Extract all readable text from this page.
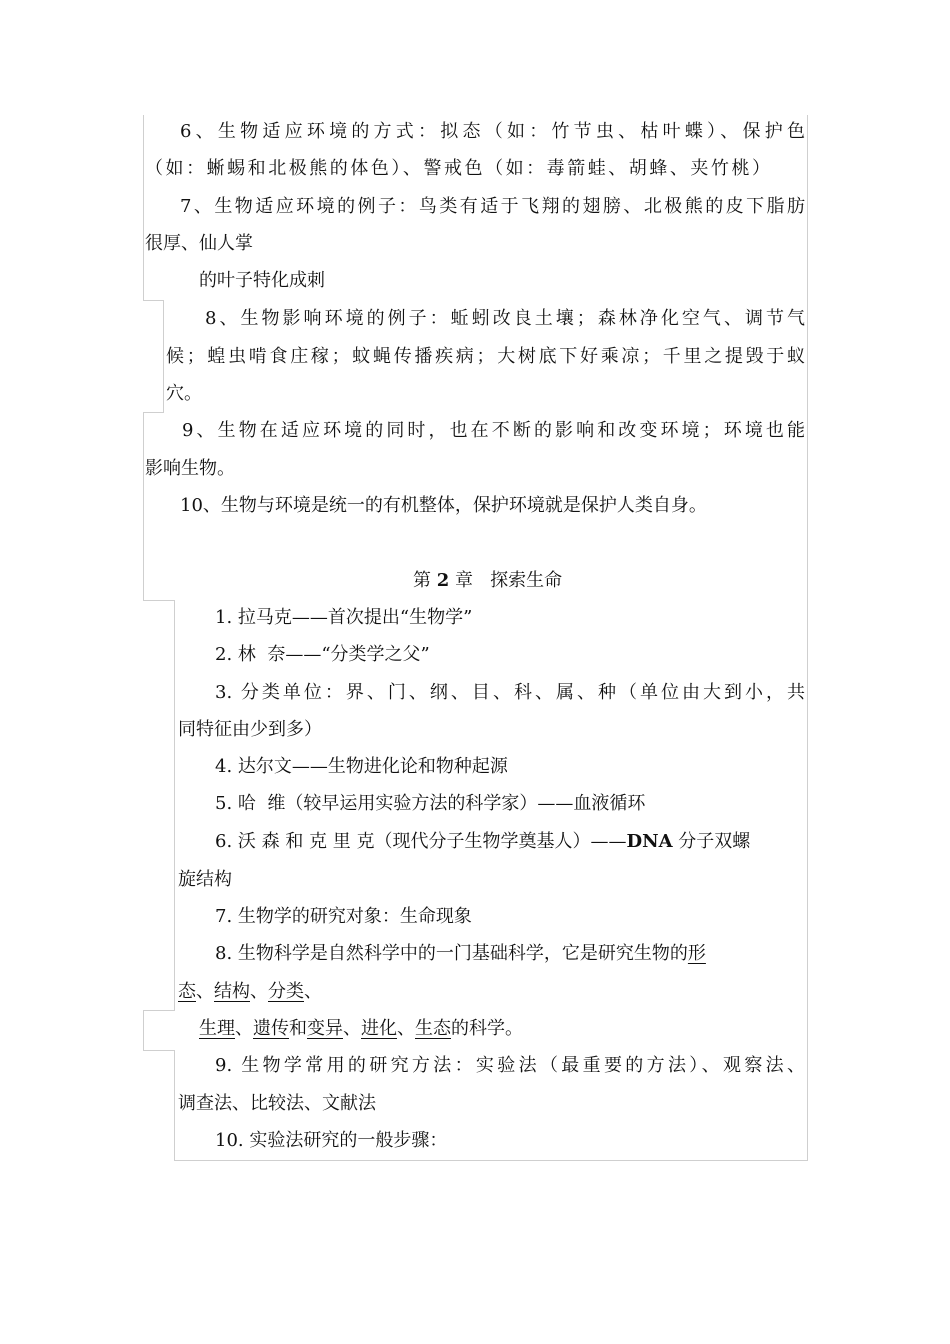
6、生物适应环境的方式：拟态（如：竹节虫、枯叶蝶）、保护色
（如：蜥蜴和北极熊的体色）、警戒色（如：毒箭蛙、胡蜂、夹竹桃）
7、生物适应环境的例子：鸟类有适于飞翔的翅膀、北极熊的皮下脂肪
很厚、仙人掌
的叶子特化成刺
8、生物影响环境的例子：蚯蚓改良土壤；森林净化空气、调节气
候；蝗虫啃食庄稼；蚊蝇传播疾病；大树底下好乘凉；千里之提毁于蚁
穴。
9、生物在适应环境的同时，也在不断的影响和改变环境；环境也能
影响生物。
10、生物与环境是统一的有机整体，保护环境就是保护人类自身。
第 2 章   探索生命
1. 拉马克——首次提出“生物学”
2. 林  奈——“分类学之父”
3. 分类单位：界、门、纲、目、科、属、种（单位由大到小，共
同特征由少到多）
4. 达尔文——生物进化论和物种起源
5. 哈  维（较早运用实验方法的科学家）——血液循环
6. 沃 森 和 克 里 克（现代分子生物学奠基人）——DNA 分子双螺
旋结构
7. 生物学的研究对象：生命现象
8. 生物科学是自然科学中的一门基础科学，它是研究生物的形
态、结构、分类、
生理、遗传和变异、进化、生态的科学。
9. 生物学常用的研究方法：实验法（最重要的方法）、观察法、
调查法、比较法、文献法
10. 实验法研究的一般步骤：
